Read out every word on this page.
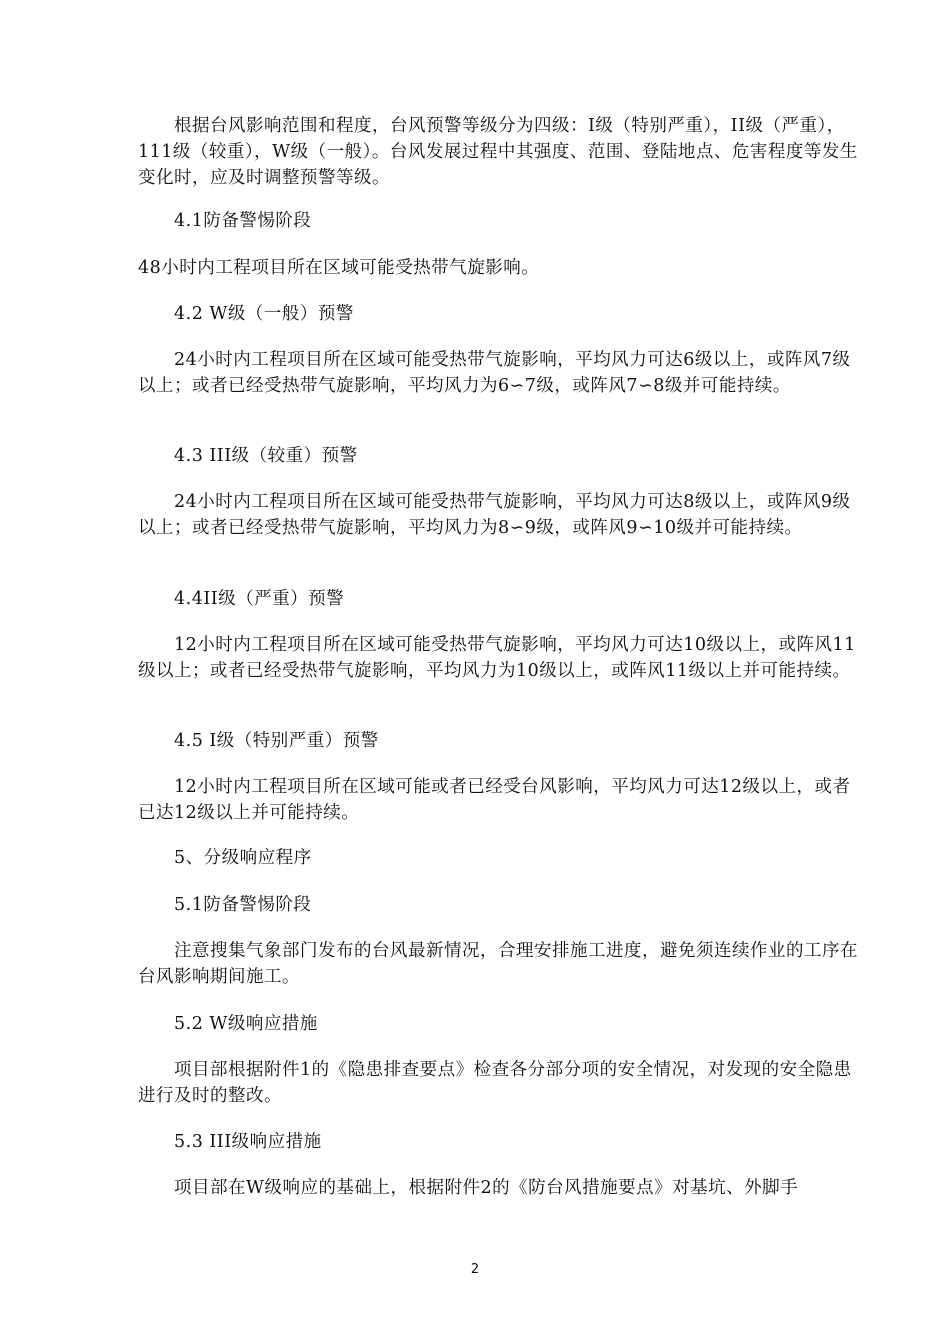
根据台风影响范围和程度，台风预警等级分为四级：I级（特别严重），II级（严重），111级（较重），W级（一般）。台风发展过程中其强度、范围、登陆地点、危害程度等发生变化时，应及时调整预警等级。

4.1防备警惕阶段

48小时内工程项目所在区域可能受热带气旋影响。

4.2 W级（一般）预警

24小时内工程项目所在区域可能受热带气旋影响，平均风力可达6级以上，或阵风7级以上；或者已经受热带气旋影响，平均风力为6∽7级，或阵风7∽8级并可能持续。

4.3 III级（较重）预警

24小时内工程项目所在区域可能受热带气旋影响，平均风力可达8级以上，或阵风9级以上；或者已经受热带气旋影响，平均风力为8∽9级，或阵风9∽10级并可能持续。

4.4II级（严重）预警

12小时内工程项目所在区域可能受热带气旋影响，平均风力可达10级以上，或阵风11级以上；或者已经受热带气旋影响，平均风力为10级以上，或阵风11级以上并可能持续。

4.5 I级（特别严重）预警

12小时内工程项目所在区域可能或者已经受台风影响，平均风力可达12级以上，或者已达12级以上并可能持续。

5、分级响应程序

5.1防备警惕阶段

注意搜集气象部门发布的台风最新情况，合理安排施工进度，避免须连续作业的工序在台风影响期间施工。

5.2 W级响应措施

项目部根据附件1的《隐患排查要点》检查各分部分项的安全情况，对发现的安全隐患进行及时的整改。

5.3 III级响应措施

项目部在W级响应的基础上，根据附件2的《防台风措施要点》对基坑、外脚手

2
